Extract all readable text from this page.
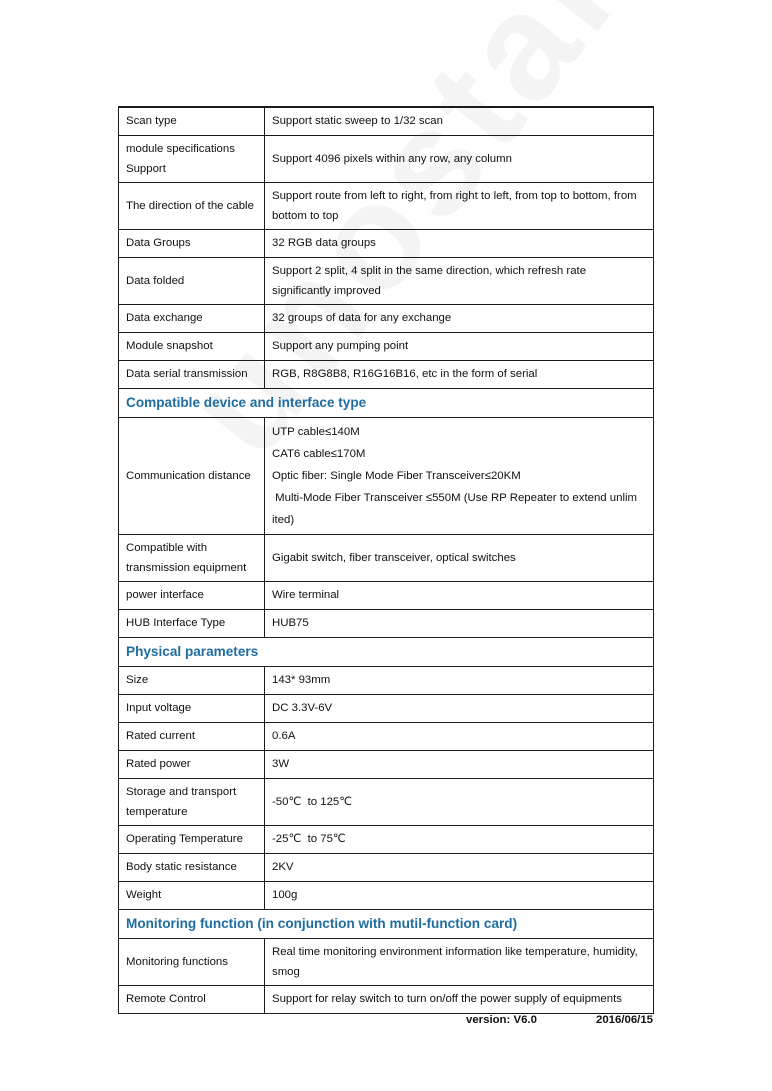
Scan type	Support static sweep to 1/32 scan
module specifications
Support	Support 4096 pixels within any row, any column
The direction of the cable	Support route from left to right, from right to left, from top to bottom, from
bottom to top
Data Groups	32 RGB data groups
Data folded	Support 2 split, 4 split in the same direction, which refresh rate
significantly improved
Data exchange	32 groups of data for any exchange
Module snapshot	Support any pumping point
Data serial transmission	RGB, R8G8B8, R16G16B16, etc in the form of serial
Compatible device and interface type	
Communication distance	UTP cable≤140M
CAT6 cable≤170M
Optic fiber: Single Mode Fiber Transceiver≤20KM
Multi-Mode Fiber Transceiver ≤550M (Use RP Repeater to extend unlim
ited)
Compatible with
transmission equipment	Gigabit switch, fiber transceiver, optical switches
power interface	Wire terminal
HUB Interface Type	HUB75
Physical parameters	
Size	143* 93mm
Input voltage	DC 3.3V-6V
Rated current	0.6A
Rated power	3W
Storage and transport
temperature	-50℃  to 125℃
Operating Temperature	-25℃  to 75℃
Body static resistance	2KV
Weight	100g
Monitoring function (in conjunction with mutil-function card)	
Monitoring functions	Real time monitoring environment information like temperature, humidity,
smog
Remote Control	Support for relay switch to turn on/off the power supply of equipments
version: V6.0	2016/06/15
